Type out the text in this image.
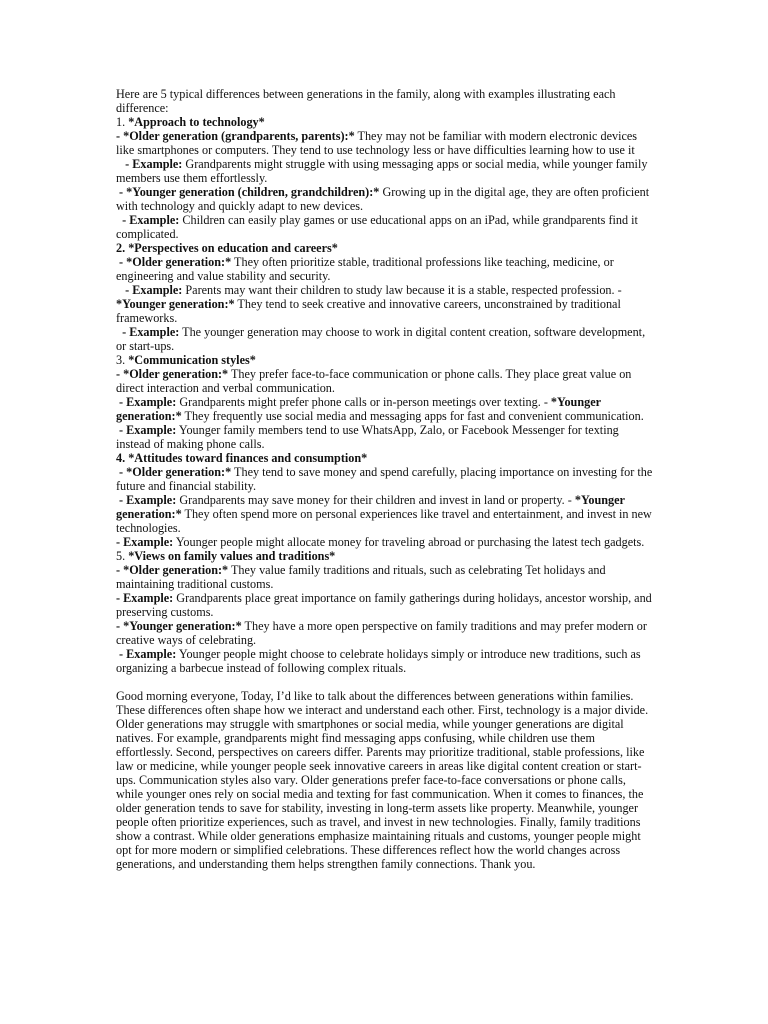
Here are 5 typical differences between generations in the family, along with examples illustrating each difference:

1. *Approach to technology*

- *Older generation (grandparents, parents):* They may not be familiar with modern electronic devices like smartphones or computers. They tend to use technology less or have difficulties learning how to use it

- Example: Grandparents might struggle with using messaging apps or social media, while younger family members use them effortlessly.

- *Younger generation (children, grandchildren):* Growing up in the digital age, they are often proficient with technology and quickly adapt to new devices.

- Example: Children can easily play games or use educational apps on an iPad, while grandparents find it complicated.

2. *Perspectives on education and careers*

- *Older generation:* They often prioritize stable, traditional professions like teaching, medicine, or engineering and value stability and security.

- Example: Parents may want their children to study law because it is a stable, respected profession. - *Younger generation:* They tend to seek creative and innovative careers, unconstrained by traditional frameworks.

- Example: The younger generation may choose to work in digital content creation, software development, or start-ups.

3. *Communication styles*

- *Older generation:* They prefer face-to-face communication or phone calls. They place great value on direct interaction and verbal communication.

- Example: Grandparents might prefer phone calls or in-person meetings over texting. - *Younger generation:* They frequently use social media and messaging apps for fast and convenient communication.

- Example: Younger family members tend to use WhatsApp, Zalo, or Facebook Messenger for texting instead of making phone calls.

4. *Attitudes toward finances and consumption*

- *Older generation:* They tend to save money and spend carefully, placing importance on investing for the future and financial stability.

- Example: Grandparents may save money for their children and invest in land or property. - *Younger generation:* They often spend more on personal experiences like travel and entertainment, and invest in new technologies.

- Example: Younger people might allocate money for traveling abroad or purchasing the latest tech gadgets.

5. *Views on family values and traditions*

- *Older generation:* They value family traditions and rituals, such as celebrating Tet holidays and maintaining traditional customs.

- Example: Grandparents place great importance on family gatherings during holidays, ancestor worship, and preserving customs.

- *Younger generation:* They have a more open perspective on family traditions and may prefer modern or creative ways of celebrating.

- Example: Younger people might choose to celebrate holidays simply or introduce new traditions, such as organizing a barbecue instead of following complex rituals.

Good morning everyone, Today, I’d like to talk about the differences between generations within families. These differences often shape how we interact and understand each other. First, technology is a major divide. Older generations may struggle with smartphones or social media, while younger generations are digital natives. For example, grandparents might find messaging apps confusing, while children use them effortlessly. Second, perspectives on careers differ. Parents may prioritize traditional, stable professions, like law or medicine, while younger people seek innovative careers in areas like digital content creation or start-ups. Communication styles also vary. Older generations prefer face-to-face conversations or phone calls, while younger ones rely on social media and texting for fast communication. When it comes to finances, the older generation tends to save for stability, investing in long-term assets like property. Meanwhile, younger people often prioritize experiences, such as travel, and invest in new technologies. Finally, family traditions show a contrast. While older generations emphasize maintaining rituals and customs, younger people might opt for more modern or simplified celebrations. These differences reflect how the world changes across generations, and understanding them helps strengthen family connections. Thank you.
